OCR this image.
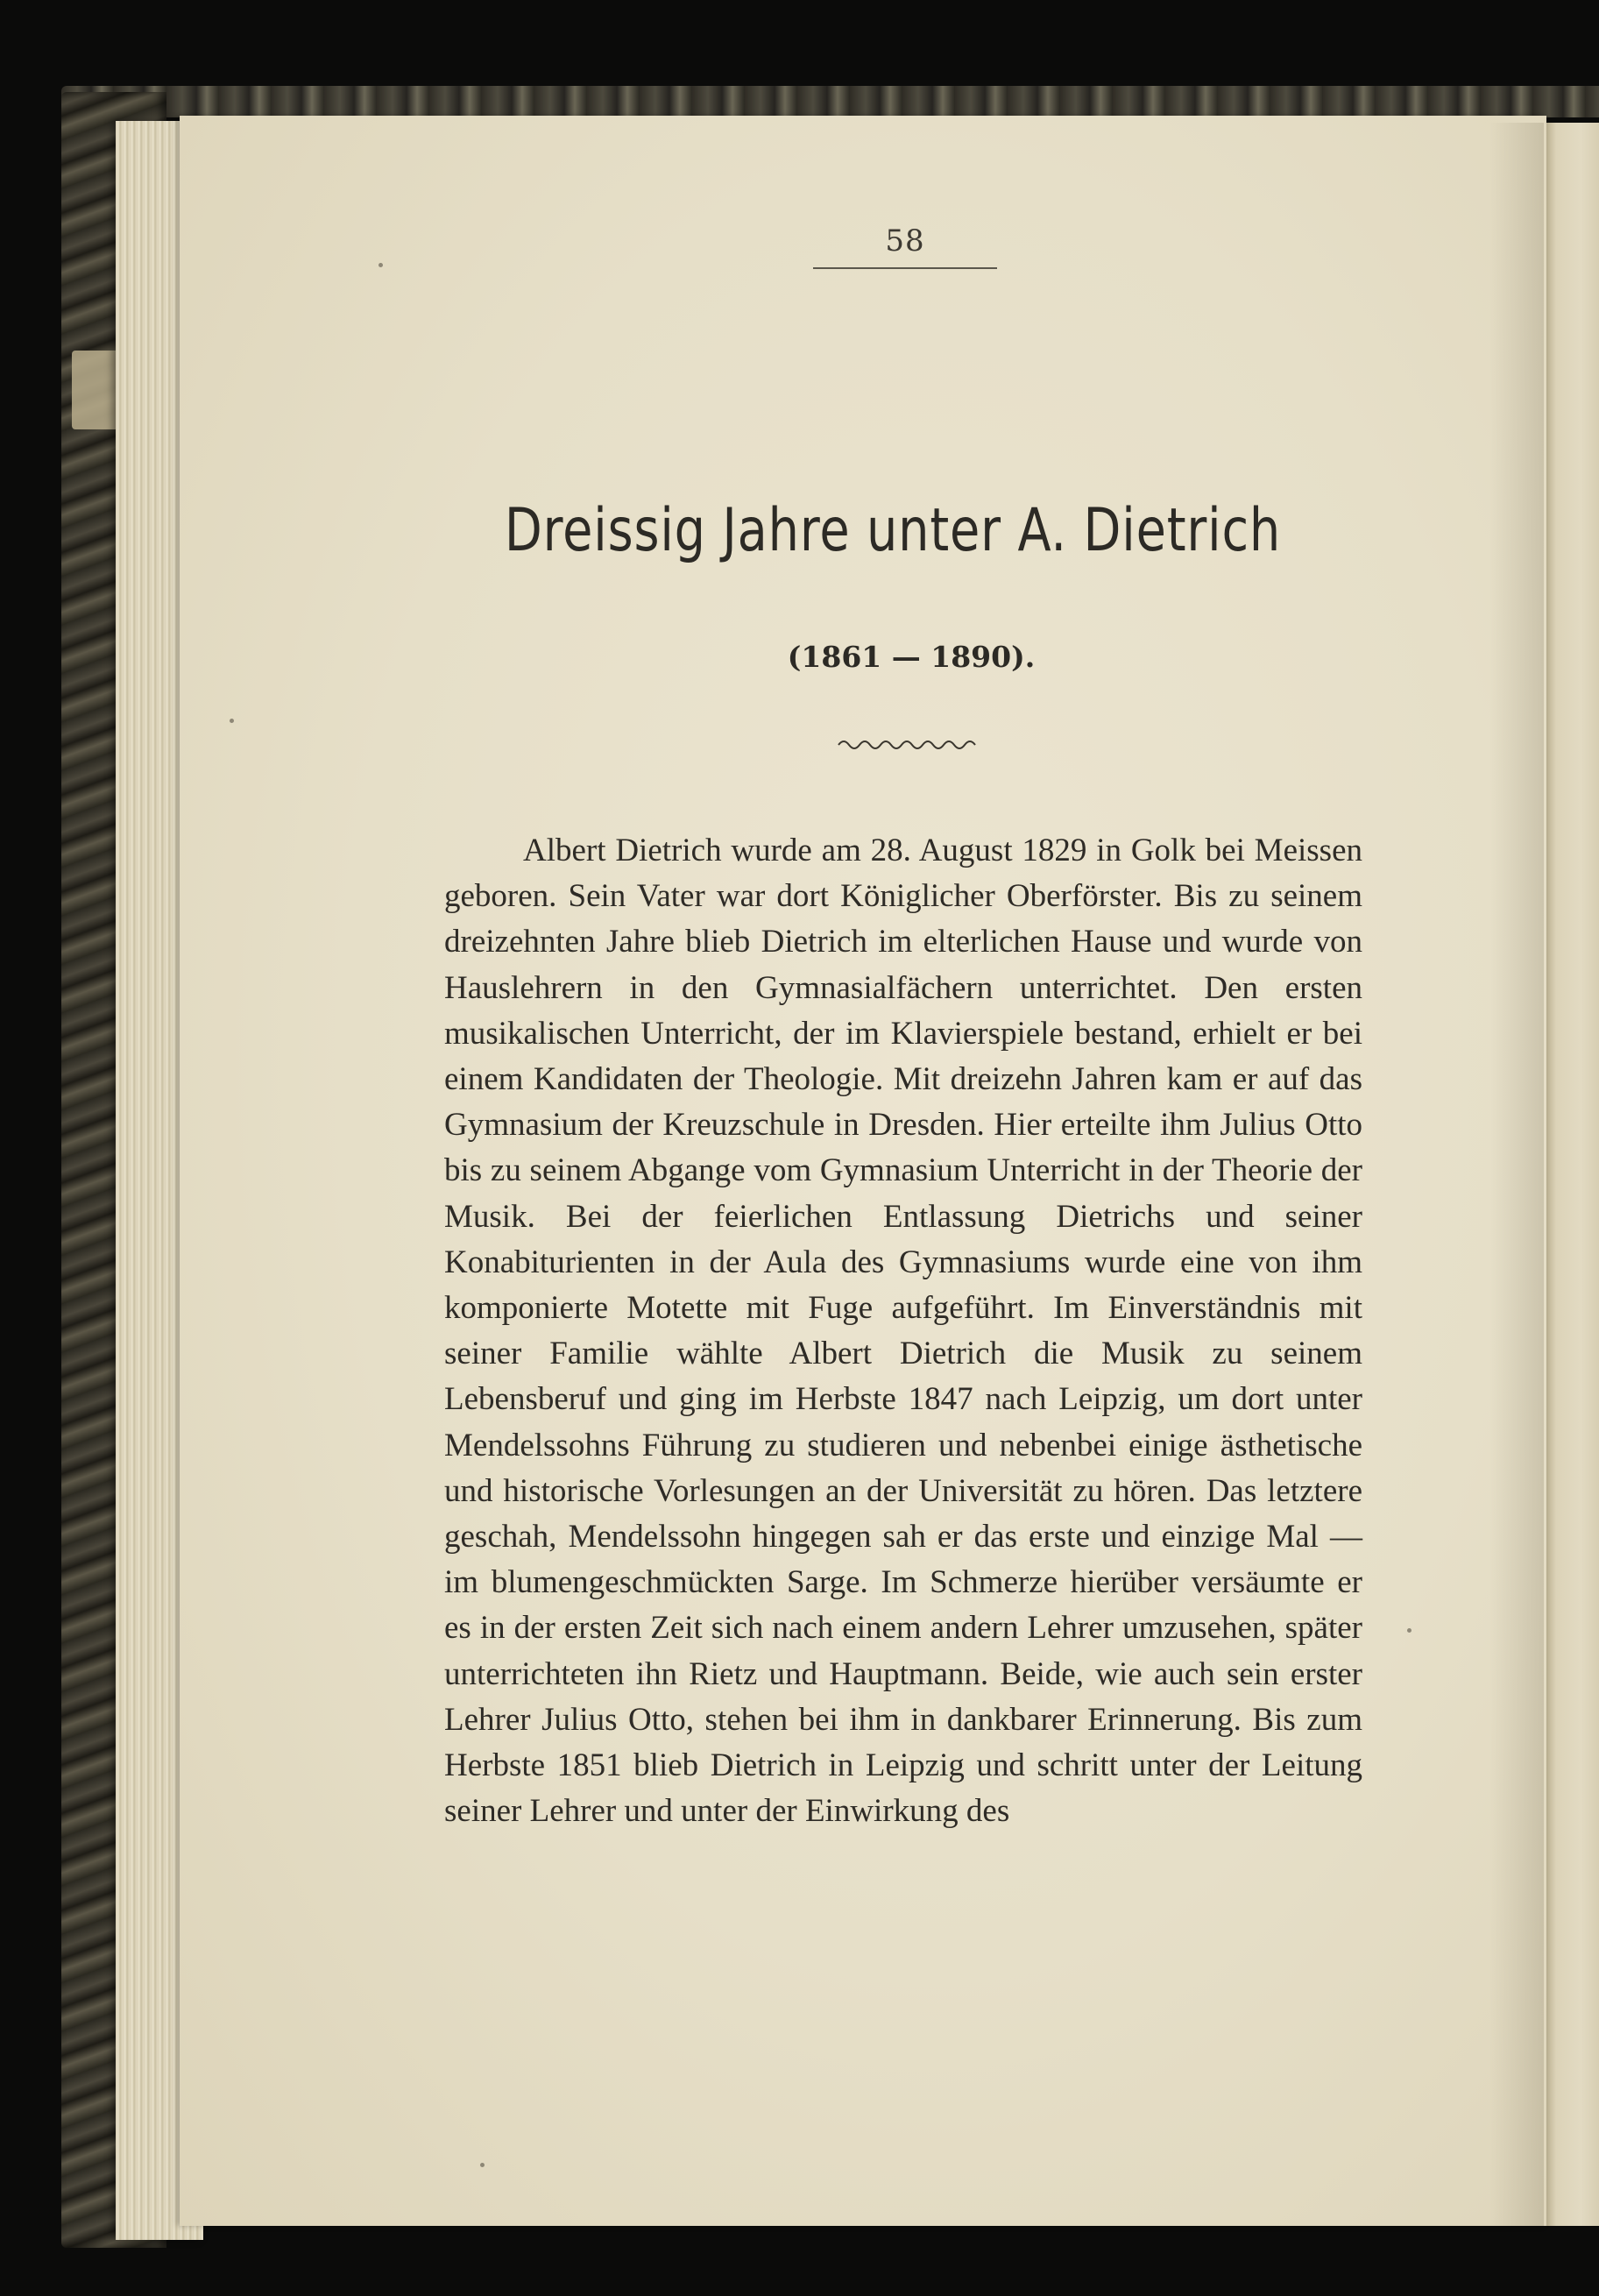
58
Dreissig Jahre unter A. Dietrich
(1861 — 1890).

Albert Dietrich wurde am 28. August 1829 in Golk bei Meissen geboren. Sein Vater war dort Königlicher Oberförster. Bis zu seinem dreizehnten Jahre blieb Dietrich im elterlichen Hause und wurde von Hauslehrern in den Gymnasialfächern unterrichtet. Den ersten musikalischen Unterricht, der im Klavierspiele bestand, erhielt er bei einem Kandidaten der Theologie. Mit dreizehn Jahren kam er auf das Gymnasium der Kreuzschule in Dresden. Hier erteilte ihm Julius Otto bis zu seinem Abgange vom Gymnasium Unterricht in der Theorie der Musik. Bei der feierlichen Entlassung Dietrichs und seiner Konabiturienten in der Aula des Gymnasiums wurde eine von ihm komponierte Motette mit Fuge aufgeführt. Im Einverständnis mit seiner Familie wählte Albert Dietrich die Musik zu seinem Lebensberuf und ging im Herbste 1847 nach Leipzig, um dort unter Mendelssohns Führung zu studieren und nebenbei einige ästhetische und historische Vorlesungen an der Universität zu hören. Das letztere geschah, Mendelssohn hingegen sah er das erste und einzige Mal — im blumengeschmückten Sarge. Im Schmerze hierüber versäumte er es in der ersten Zeit sich nach einem andern Lehrer umzusehen, später unterrichteten ihn Rietz und Hauptmann. Beide, wie auch sein erster Lehrer Julius Otto, stehen bei ihm in dankbarer Erinnerung. Bis zum Herbste 1851 blieb Dietrich in Leipzig und schritt unter der Leitung seiner Lehrer und unter der Einwirkung des
